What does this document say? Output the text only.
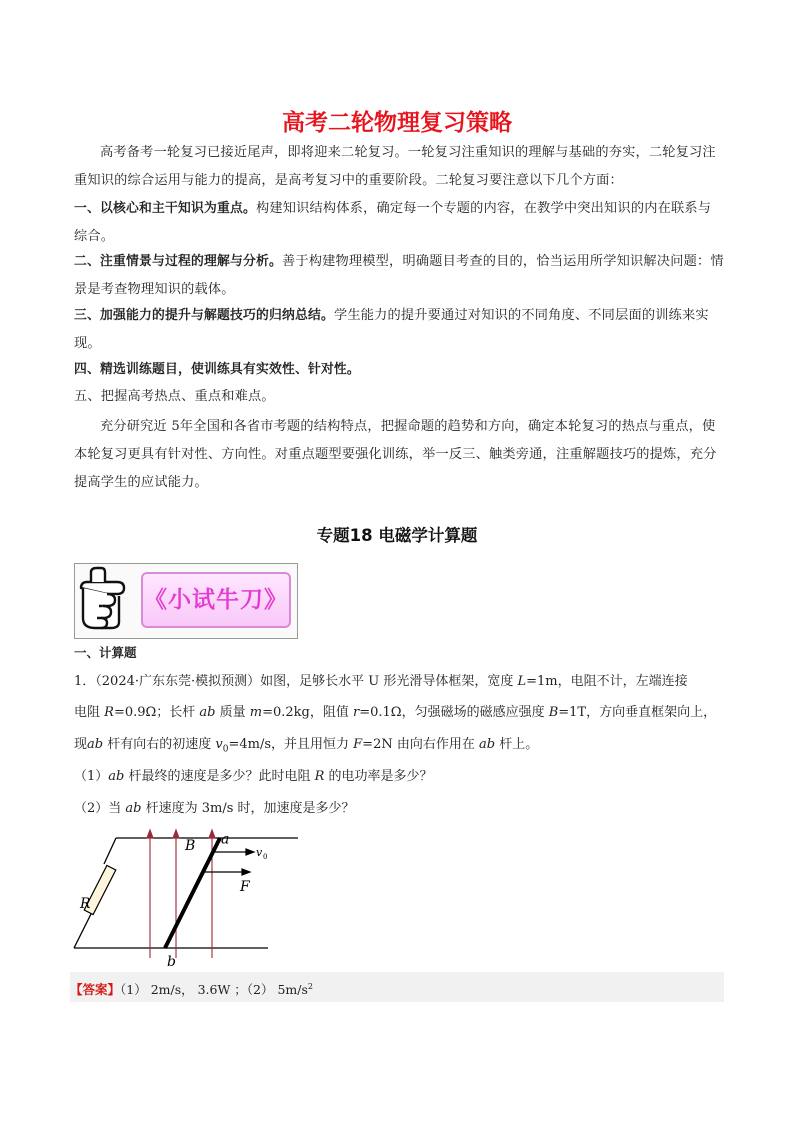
高考二轮物理复习策略
高考备考一轮复习已接近尾声，即将迎来二轮复习。一轮复习注重知识的理解与基础的夯实，二轮复习注重知识的综合运用与能力的提高，是高考复习中的重要阶段。二轮复习要注意以下几个方面：
一、以核心和主干知识为重点。构建知识结构体系，确定每一个专题的内容，在教学中突出知识的内在联系与综合。
二、注重情景与过程的理解与分析。善于构建物理模型，明确题目考查的目的，恰当运用所学知识解决问题：情景是考查物理知识的载体。
三、加强能力的提升与解题技巧的归纳总结。学生能力的提升要通过对知识的不同角度、不同层面的训练来实现。
四、精选训练题目，使训练具有实效性、针对性。
五、把握高考热点、重点和难点。
充分研究近 5年全国和各省市考题的结构特点，把握命题的趋势和方向，确定本轮复习的热点与重点，使本轮复习更具有针对性、方向性。对重点题型要强化训练，举一反三、触类旁通，注重解题技巧的提炼，充分提高学生的应试能力。
专题18 电磁学计算题
《小试牛刀》
一、计算题
1．（2024·广东东莞·模拟预测）如图，足够长水平 U 形光滑导体框架，宽度 L=1m，电阻不计，左端连接
电阻 R=0.9Ω；长杆 ab 质量 m=0.2kg，阻值 r=0.1Ω，匀强磁场的磁感应强度 B=1T，方向垂直框架向上，
现ab 杆有向右的初速度 $v_0=4m/s$，并且用恒力 F=2N 由向右作用在 ab 杆上。
（1）ab 杆最终的速度是多少？此时电阻 R 的电功率是多少？
（2）当 ab 杆速度为 3m/s 时，加速度是多少？
B a
R
v 0
F
b
【答案】（1） 2m/s， 3.6W ；（2） $5m/s^2$
